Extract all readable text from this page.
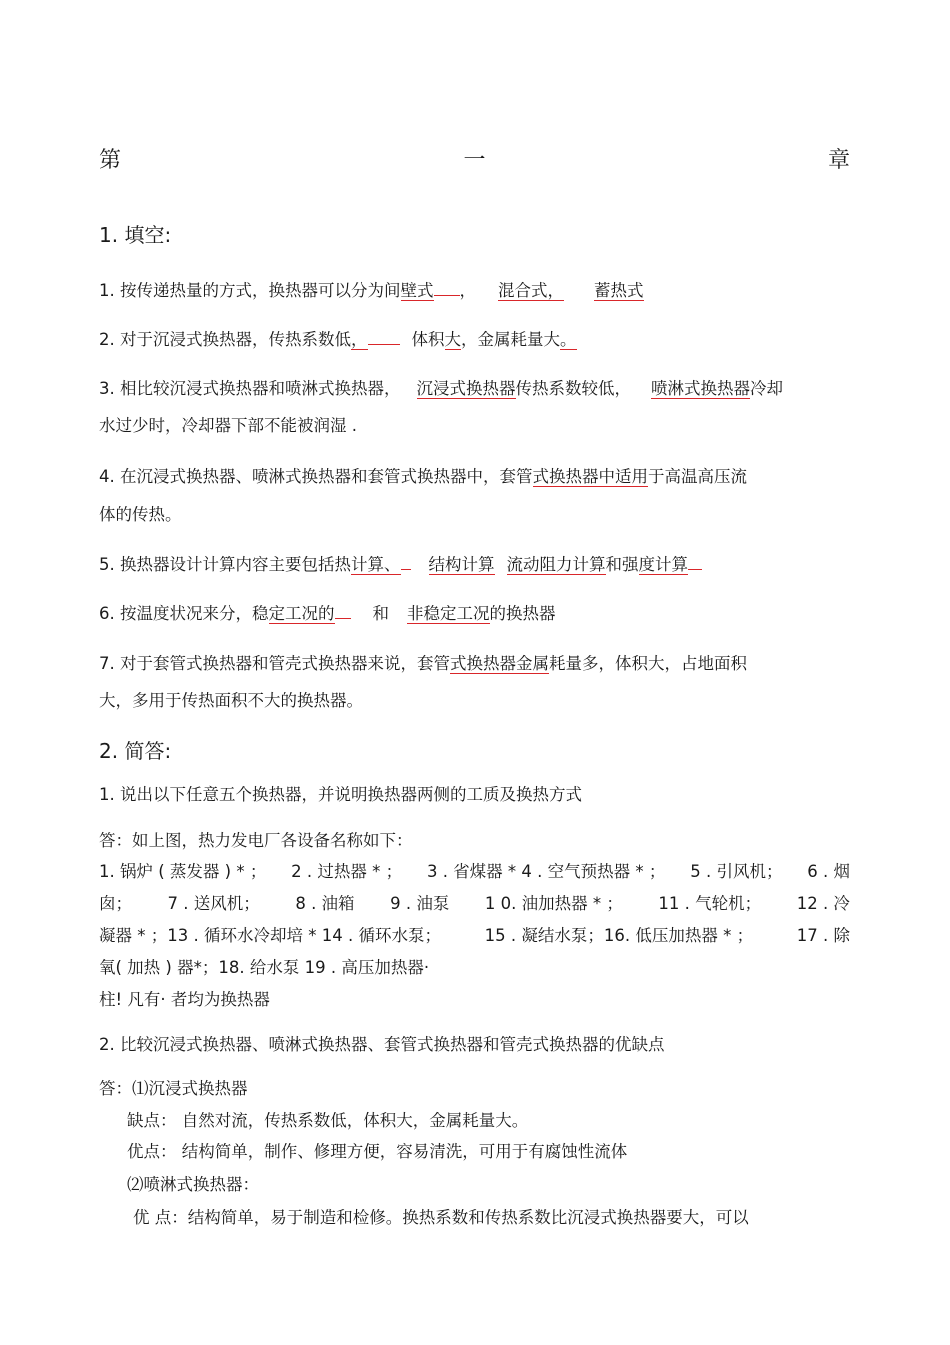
第	一	章
1. 填空:
1. 按传递热量的方式，换热器可以分为间壁式 ， 混合式， 蓄热式
2. 对于沉浸式换热器，传热系数低，	体积大，金属耗量大。
3. 相比较沉浸式换热器和喷淋式换热器， 沉浸式换热器传热系数较低， 喷淋式换热器冷却
水过少时，冷却器下部不能被润湿 .
4. 在沉浸式换热器、喷淋式换热器和套管式换热器中，套管式换热器中适用于高温高压流
体的传热。
5. 换热器设计计算内容主要包括热计算、 结构计算 流动阻力计算和强度计算
6. 按温度状况来分，稳定工况的 和 非稳定工况的换热器
7. 对于套管式换热器和管壳式换热器来说，套管式换热器金属耗量多，体积大，占地面积
大，多用于传热面积不大的换热器。
2. 简答:
1. 说出以下任意五个换热器，并说明换热器两侧的工质及换热方式
答：如上图，热力发电厂各设备名称如下：
1. 锅炉 ( 蒸发器 ) * ； 2 . 过热器 * ； 3 . 省煤器 * 4 . 空气预热器 * ； 5 . 引风机； 6 . 烟
囱； 7 . 送风机； 8 . 油箱 9 . 油泵 1 0. 油加热器 * ； 11 . 气轮机； 12 . 冷
凝器 * ；13 . 循环水冷却培 * 14 . 循环水泵；	15 . 凝结水泵；16. 低压加热器 * ；	17 . 除
氧( 加热 ) 器*；18. 给水泵 19 . 高压加热器·
柱! 凡有· 者均为换热器
2. 比较沉浸式换热器、喷淋式换热器、套管式换热器和管壳式换热器的优缺点
答：⑴沉浸式换热器
缺点： 自然对流，传热系数低，体积大，金属耗量大。
优点： 结构简单，制作、修理方便，容易清洗，可用于有腐蚀性流体
⑵喷淋式换热器：
优 点：结构简单，易于制造和检修。换热系数和传热系数比沉浸式换热器要大，可以
